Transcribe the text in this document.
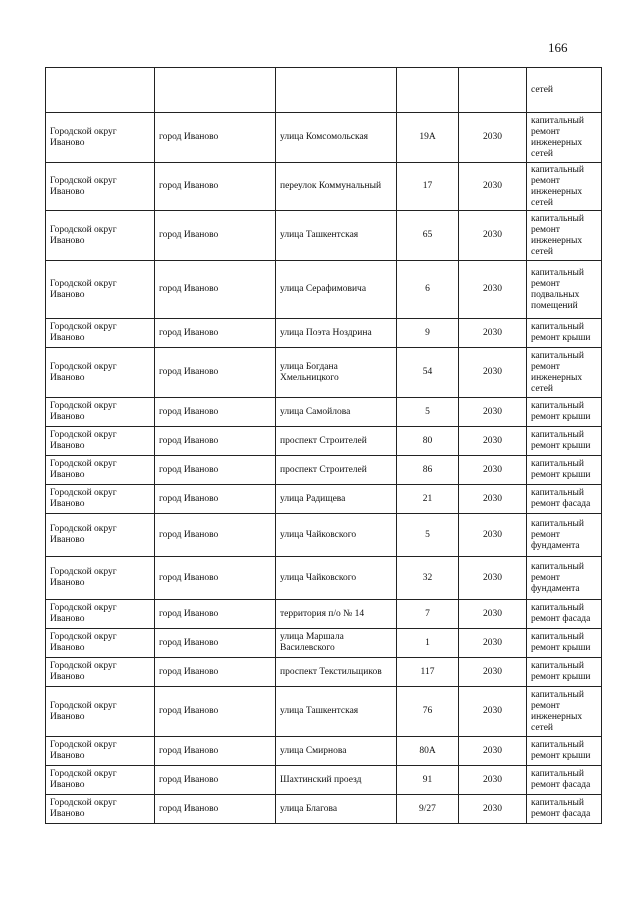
166
					сетей
Городской округ Иваново	город Иваново	улица Комсомольская	19А	2030	капитальный ремонт инженерных сетей
Городской округ Иваново	город Иваново	переулок Коммунальный	17	2030	капитальный ремонт инженерных сетей
Городской округ Иваново	город Иваново	улица Ташкентская	65	2030	капитальный ремонт инженерных сетей
Городской округ Иваново	город Иваново	улица Серафимовича	6	2030	капитальный ремонт подвальных помещений
Городской округ Иваново	город Иваново	улица Поэта Ноздрина	9	2030	капитальный ремонт крыши
Городской округ Иваново	город Иваново	улица Богдана Хмельницкого	54	2030	капитальный ремонт инженерных сетей
Городской округ Иваново	город Иваново	улица Самойлова	5	2030	капитальный ремонт крыши
Городской округ Иваново	город Иваново	проспект Строителей	80	2030	капитальный ремонт крыши
Городской округ Иваново	город Иваново	проспект Строителей	86	2030	капитальный ремонт крыши
Городской округ Иваново	город Иваново	улица Радищева	21	2030	капитальный ремонт фасада
Городской округ Иваново	город Иваново	улица Чайковского	5	2030	капитальный ремонт фундамента
Городской округ Иваново	город Иваново	улица Чайковского	32	2030	капитальный ремонт фундамента
Городской округ Иваново	город Иваново	территория п/о № 14	7	2030	капитальный ремонт фасада
Городской округ Иваново	город Иваново	улица Маршала Василевского	1	2030	капитальный ремонт крыши
Городской округ Иваново	город Иваново	проспект Текстильщиков	117	2030	капитальный ремонт крыши
Городской округ Иваново	город Иваново	улица Ташкентская	76	2030	капитальный ремонт инженерных сетей
Городской округ Иваново	город Иваново	улица Смирнова	80А	2030	капитальный ремонт крыши
Городской округ Иваново	город Иваново	Шахтинский проезд	91	2030	капитальный ремонт фасада
Городской округ Иваново	город Иваново	улица Благова	9/27	2030	капитальный ремонт фасада
